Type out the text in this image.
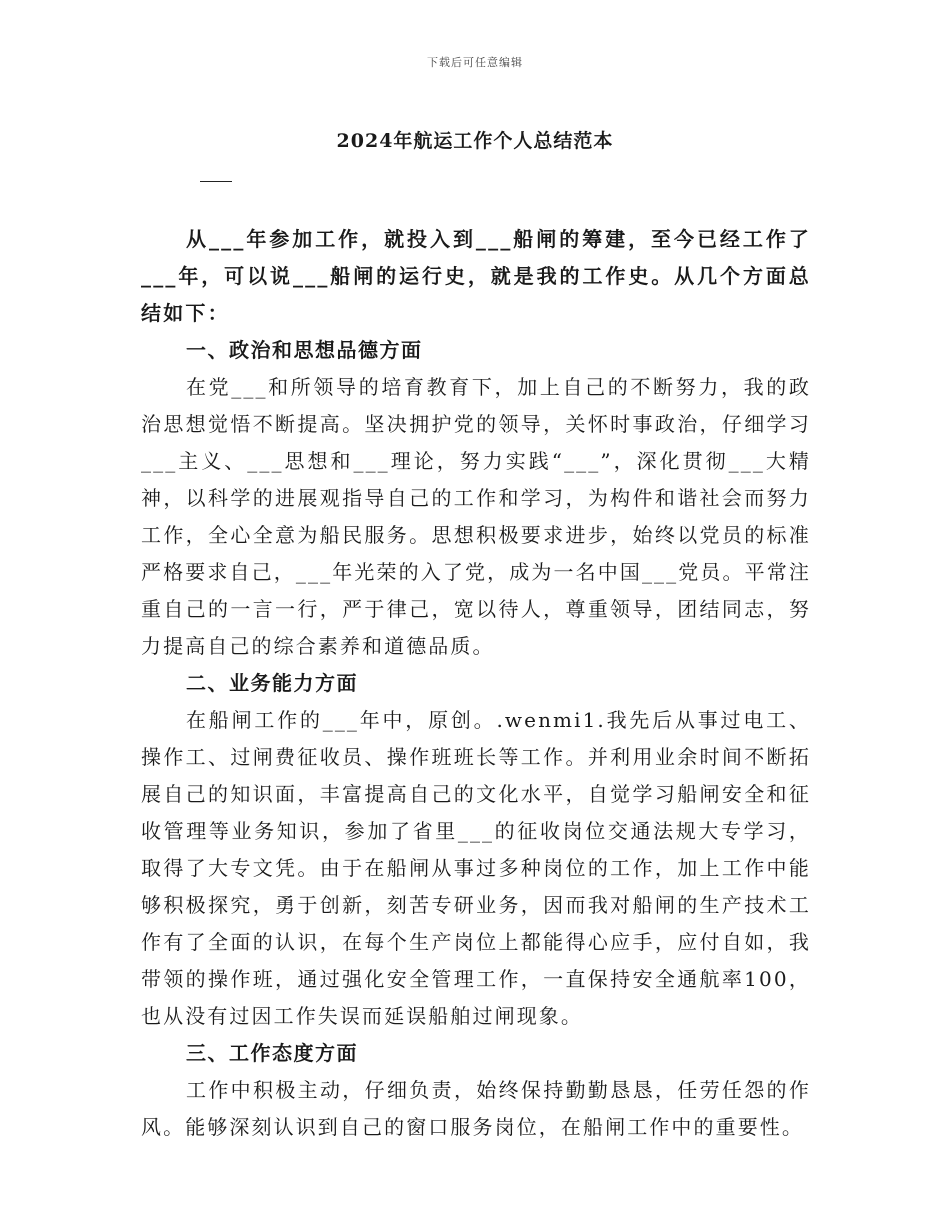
下载后可任意编辑
2024年航运工作个人总结范本

从___年参加工作，就投入到___船闸的筹建，至今已经工作了___年，可以说___船闸的运行史，就是我的工作史。从几个方面总结如下：

一、政治和思想品德方面

在党___和所领导的培育教育下，加上自己的不断努力，我的政治思想觉悟不断提高。坚决拥护党的领导，关怀时事政治，仔细学习___主义、___思想和___理论，努力实践“___”，深化贯彻___大精神，以科学的进展观指导自己的工作和学习，为构件和谐社会而努力工作，全心全意为船民服务。思想积极要求进步，始终以党员的标准严格要求自己，___年光荣的入了党，成为一名中国___党员。平常注重自己的一言一行，严于律己，宽以待人，尊重领导，团结同志，努力提高自己的综合素养和道德品质。

二、业务能力方面

在船闸工作的___年中，原创。.wenmi1.我先后从事过电工、操作工、过闸费征收员、操作班班长等工作。并利用业余时间不断拓展自己的知识面，丰富提高自己的文化水平，自觉学习船闸安全和征收管理等业务知识，参加了省里___的征收岗位交通法规大专学习，取得了大专文凭。由于在船闸从事过多种岗位的工作，加上工作中能够积极探究，勇于创新，刻苦专研业务，因而我对船闸的生产技术工作有了全面的认识，在每个生产岗位上都能得心应手，应付自如，我带领的操作班，通过强化安全管理工作，一直保持安全通航率100，也从没有过因工作失误而延误船舶过闸现象。

三、工作态度方面

工作中积极主动，仔细负责，始终保持勤勤恳恳，任劳任怨的作风。能够深刻认识到自己的窗口服务岗位，在船闸工作中的重要性。
